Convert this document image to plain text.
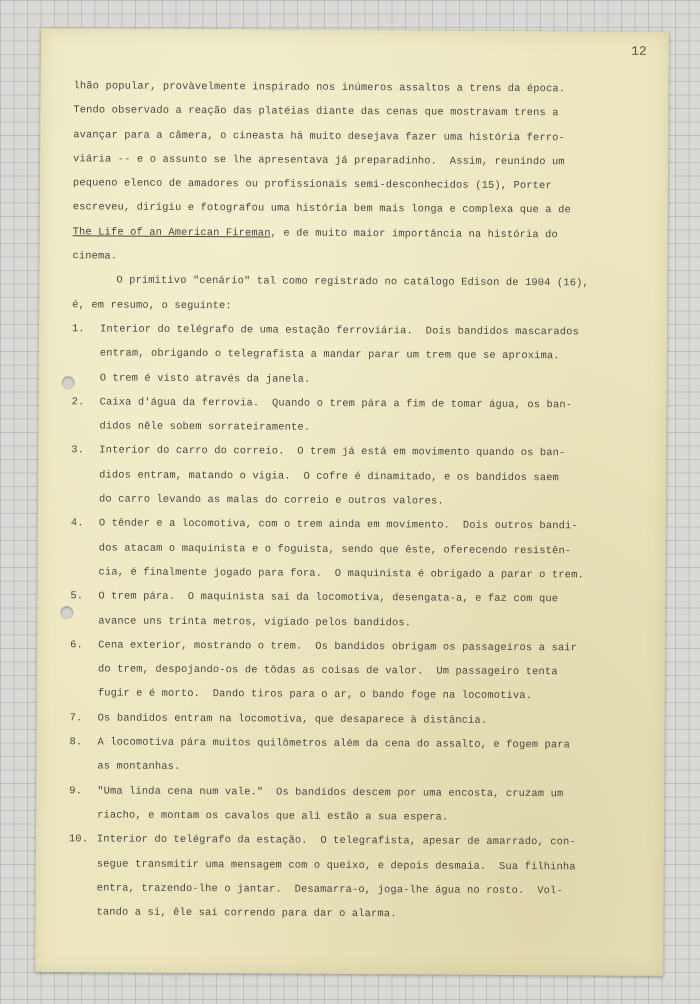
12
lhão popular, provàvelmente inspirado nos inúmeros assaltos a trens da época.
Tendo observado a reação das platéias diante das cenas que mostravam trens a
avançar para a câmera, o cineasta há muito desejava fazer uma história ferro-
viária -- e o assunto se lhe apresentava já preparadinho.  Assim, reunindo um
pequeno elenco de amadores ou profissionais semi-desconhecidos (15), Porter
escreveu, dirigiu e fotografou uma história bem mais longa e complexa que a de
The Life of an American Fireman, e de muito maior importância na história do
cinema.
O primitivo "cenário" tal como registrado no catálogo Edison de 1904 (16),
é, em resumo, o seguinte:
1. Interior do telégrafo de uma estação ferroviária.  Dois bandidos mascarados
entram, obrigando o telegrafista a mandar parar um trem que se aproxima.
O trem é visto através da janela.
2. Caixa d'água da ferrovia.  Quando o trem pára a fim de tomar água, os ban-
didos nêle sobem sorrateiramente.
3. Interior do carro do correio.  O trem já está em movimento quando os ban-
didos entram, matando o vigia.  O cofre é dinamitado, e os bandidos saem
do carro levando as malas do correio e outros valores.
4. O tênder e a locomotiva, com o trem ainda em movimento.  Dois outros bandi-
dos atacam o maquinista e o foguista, sendo que êste, oferecendo resistên-
cia, é finalmente jogado para fora.  O maquinista é obrigado a parar o trem.
5. O trem pára.  O maquinista sai da locomotiva, desengata-a, e faz com que
avance uns trinta metros, vigiado pelos bandidos.
6. Cena exterior, mostrando o trem.  Os bandidos obrigam os passageiros a sair
do trem, despojando-os de tôdas as coisas de valor.  Um passageiro tenta
fugir e é morto.  Dando tiros para o ar, o bando foge na locomotiva.
7. Os bandidos entram na locomotiva, que desaparece à distância.
8. A locomotiva pára muitos quilômetros além da cena do assalto, e fogem para
as montanhas.
9. "Uma linda cena num vale."  Os bandidos descem por uma encosta, cruzam um
riacho, e montam os cavalos que ali estão a sua espera.
10. Interior do telégrafo da estação.  O telegrafista, apesar de amarrado, con-
segue transmitir uma mensagem com o queixo, e depois desmaia.  Sua filhinha
entra, trazendo-lhe o jantar.  Desamarra-o, joga-lhe água no rosto.  Vol-
tando a si, êle sai correndo para dar o alarma.
